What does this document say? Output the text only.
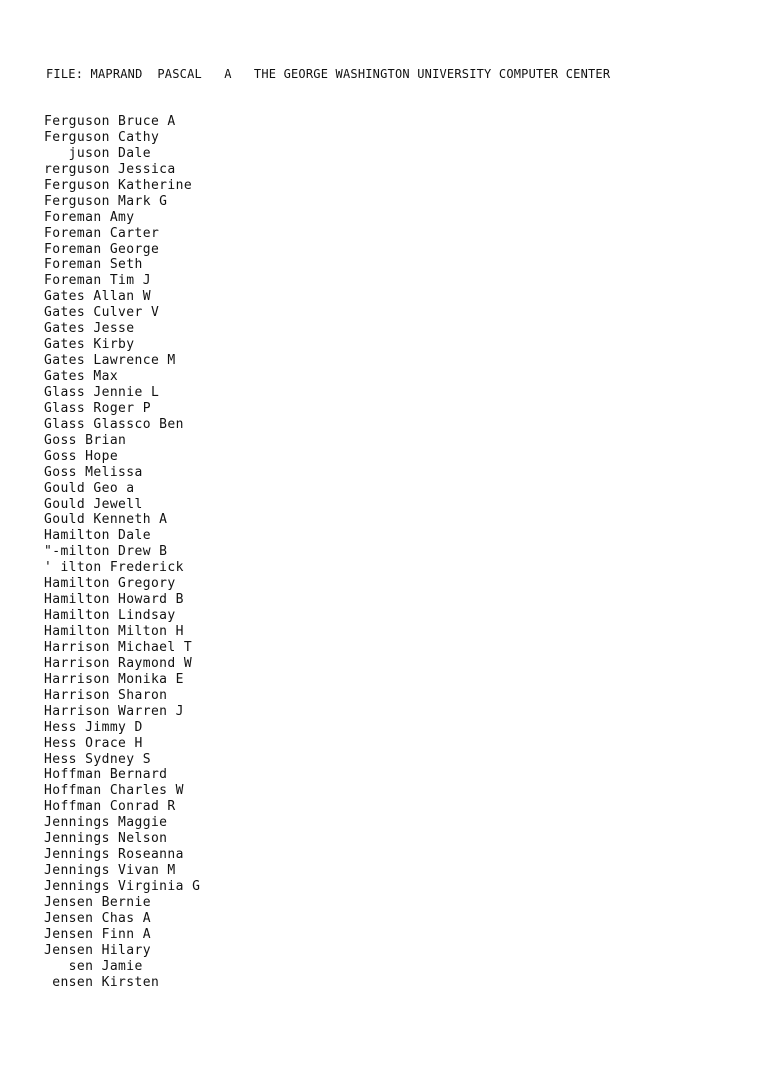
FILE: MAPRAND  PASCAL   A   THE GEORGE WASHINGTON UNIVERSITY COMPUTER CENTER
Ferguson Bruce A
Ferguson Cathy
juson Dale
rerguson Jessica
Ferguson Katherine
Ferguson Mark G
Foreman Amy
Foreman Carter
Foreman George
Foreman Seth
Foreman Tim J
Gates Allan W
Gates Culver V
Gates Jesse
Gates Kirby
Gates Lawrence M
Gates Max
Glass Jennie L
Glass Roger P
Glass Glassco Ben
Goss Brian
Goss Hope
Goss Melissa
Gould Geo a
Gould Jewell
Gould Kenneth A
Hamilton Dale
"-milton Drew B
' ilton Frederick
Hamilton Gregory
Hamilton Howard B
Hamilton Lindsay
Hamilton Milton H
Harrison Michael T
Harrison Raymond W
Harrison Monika E
Harrison Sharon
Harrison Warren J
Hess Jimmy D
Hess Orace H
Hess Sydney S
Hoffman Bernard
Hoffman Charles W
Hoffman Conrad R
Jennings Maggie
Jennings Nelson
Jennings Roseanna
Jennings Vivan M
Jennings Virginia G
Jensen Bernie
Jensen Chas A
Jensen Finn A
Jensen Hilary
sen Jamie
ensen Kirsten
